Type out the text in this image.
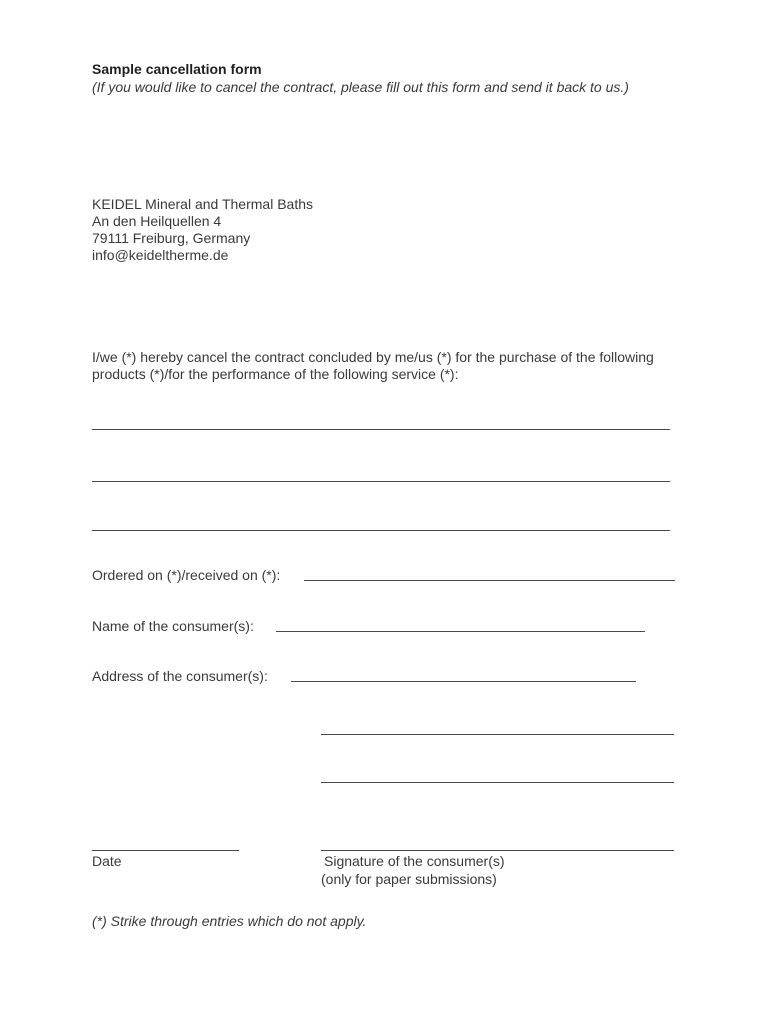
Sample cancellation form
(If you would like to cancel the contract, please fill out this form and send it back to us.)
KEIDEL Mineral and Thermal Baths
An den Heilquellen 4
79111 Freiburg, Germany
info@keideltherme.de
I/we (*) hereby cancel the contract concluded by me/us (*) for the purchase of the following products (*)/for the performance of the following service (*):
Ordered on (*)/received on (*):
Name of the consumer(s):
Address of the consumer(s):
Date	Signature of the consumer(s)
(only for paper submissions)
(*) Strike through entries which do not apply.
